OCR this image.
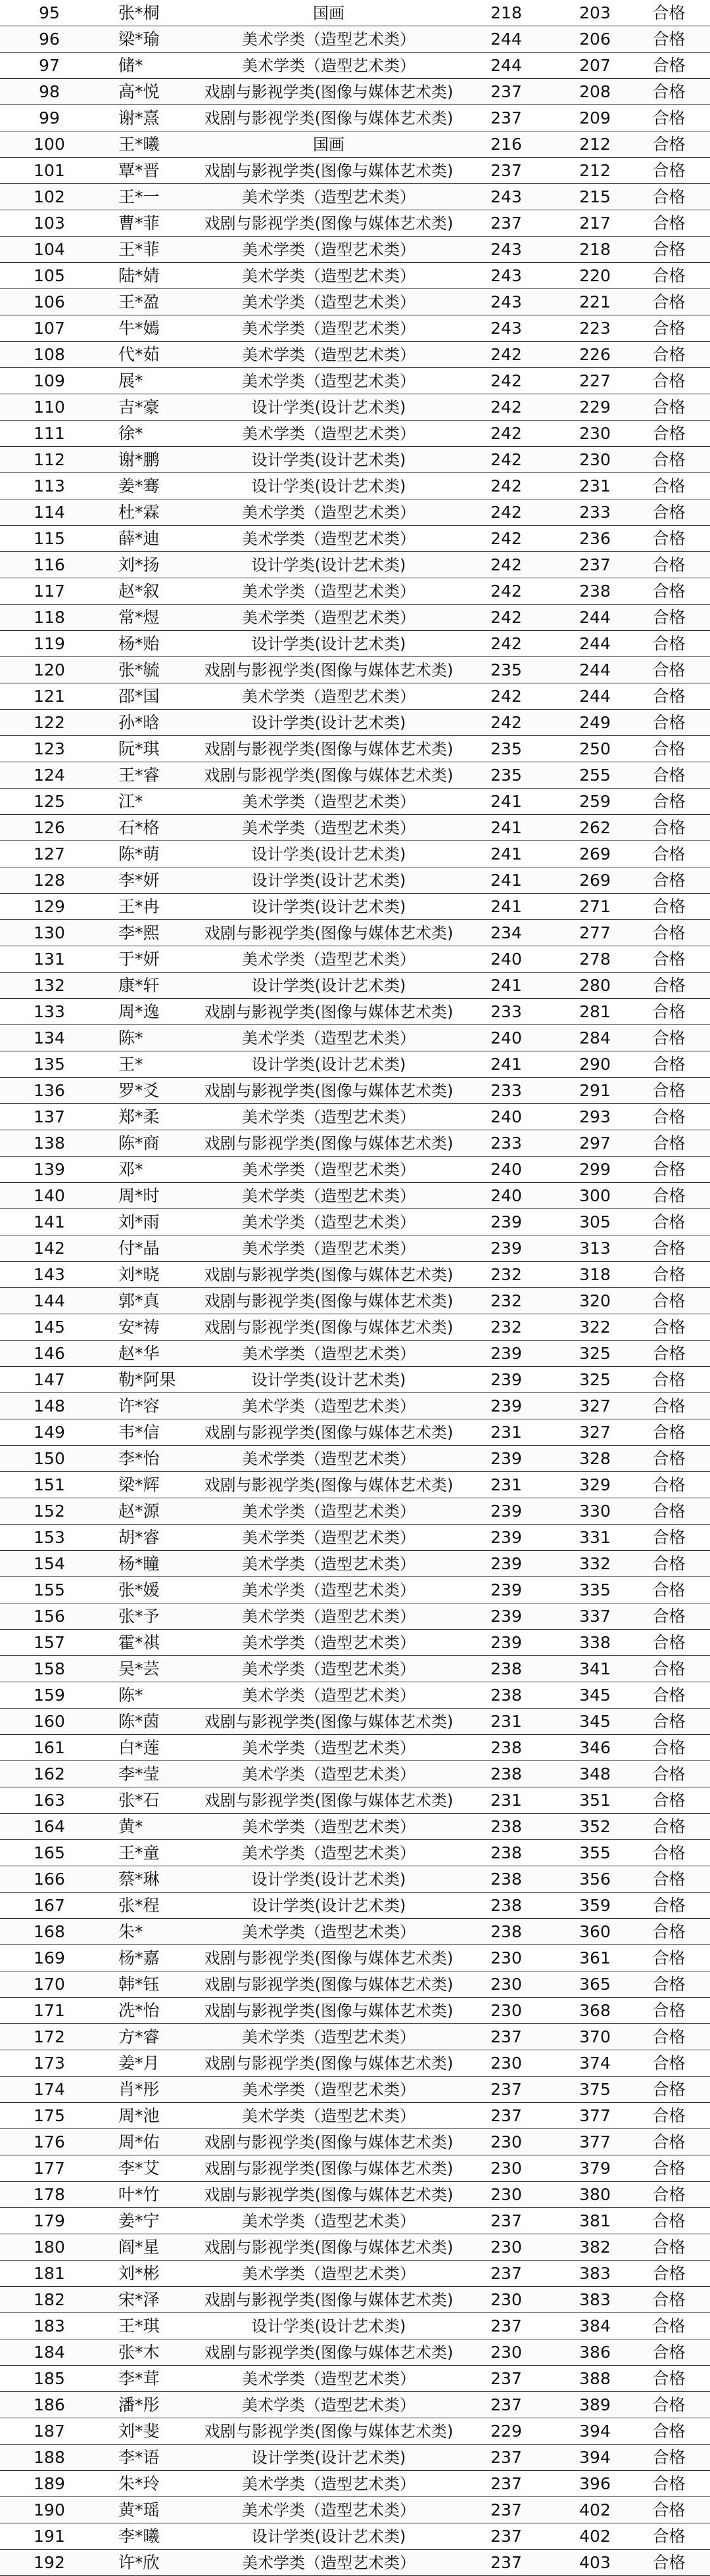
95	张*桐	国画	218	203	合格
96	梁*瑜	美术学类（造型艺术类）	244	206	合格
97	储*	美术学类（造型艺术类）	244	207	合格
98	高*悦	戏剧与影视学类(图像与媒体艺术类)	237	208	合格
99	谢*熹	戏剧与影视学类(图像与媒体艺术类)	237	209	合格
100	王*曦	国画	216	212	合格
101	覃*晋	戏剧与影视学类(图像与媒体艺术类)	237	212	合格
102	王*一	美术学类（造型艺术类）	243	215	合格
103	曹*菲	戏剧与影视学类(图像与媒体艺术类)	237	217	合格
104	王*菲	美术学类（造型艺术类）	243	218	合格
105	陆*婧	美术学类（造型艺术类）	243	220	合格
106	王*盈	美术学类（造型艺术类）	243	221	合格
107	牛*嫣	美术学类（造型艺术类）	243	223	合格
108	代*茹	美术学类（造型艺术类）	242	226	合格
109	展*	美术学类（造型艺术类）	242	227	合格
110	吉*豪	设计学类(设计艺术类)	242	229	合格
111	徐*	美术学类（造型艺术类）	242	230	合格
112	谢*鹏	设计学类(设计艺术类)	242	230	合格
113	姜*骞	设计学类(设计艺术类)	242	231	合格
114	杜*霖	美术学类（造型艺术类）	242	233	合格
115	薛*迪	美术学类（造型艺术类）	242	236	合格
116	刘*扬	设计学类(设计艺术类)	242	237	合格
117	赵*叙	美术学类（造型艺术类）	242	238	合格
118	常*煜	美术学类（造型艺术类）	242	244	合格
119	杨*贻	设计学类(设计艺术类)	242	244	合格
120	张*毓	戏剧与影视学类(图像与媒体艺术类)	235	244	合格
121	邵*国	美术学类（造型艺术类）	242	244	合格
122	孙*晗	设计学类(设计艺术类)	242	249	合格
123	阮*琪	戏剧与影视学类(图像与媒体艺术类)	235	250	合格
124	王*睿	戏剧与影视学类(图像与媒体艺术类)	235	255	合格
125	江*	美术学类（造型艺术类）	241	259	合格
126	石*格	美术学类（造型艺术类）	241	262	合格
127	陈*萌	设计学类(设计艺术类)	241	269	合格
128	李*妍	设计学类(设计艺术类)	241	269	合格
129	王*冉	设计学类(设计艺术类)	241	271	合格
130	李*熙	戏剧与影视学类(图像与媒体艺术类)	234	277	合格
131	于*妍	美术学类（造型艺术类）	240	278	合格
132	康*轩	设计学类(设计艺术类)	241	280	合格
133	周*逸	戏剧与影视学类(图像与媒体艺术类)	233	281	合格
134	陈*	美术学类（造型艺术类）	240	284	合格
135	王*	设计学类(设计艺术类)	241	290	合格
136	罗*爻	戏剧与影视学类(图像与媒体艺术类)	233	291	合格
137	郑*柔	美术学类（造型艺术类）	240	293	合格
138	陈*商	戏剧与影视学类(图像与媒体艺术类)	233	297	合格
139	邓*	美术学类（造型艺术类）	240	299	合格
140	周*时	美术学类（造型艺术类）	240	300	合格
141	刘*雨	美术学类（造型艺术类）	239	305	合格
142	付*晶	美术学类（造型艺术类）	239	313	合格
143	刘*晓	戏剧与影视学类(图像与媒体艺术类)	232	318	合格
144	郭*真	戏剧与影视学类(图像与媒体艺术类)	232	320	合格
145	安*祷	戏剧与影视学类(图像与媒体艺术类)	232	322	合格
146	赵*华	美术学类（造型艺术类）	239	325	合格
147	勒*阿果	设计学类(设计艺术类)	239	325	合格
148	许*容	美术学类（造型艺术类）	239	327	合格
149	韦*信	戏剧与影视学类(图像与媒体艺术类)	231	327	合格
150	李*怡	美术学类（造型艺术类）	239	328	合格
151	梁*辉	戏剧与影视学类(图像与媒体艺术类)	231	329	合格
152	赵*源	美术学类（造型艺术类）	239	330	合格
153	胡*睿	美术学类（造型艺术类）	239	331	合格
154	杨*瞳	美术学类（造型艺术类）	239	332	合格
155	张*媛	美术学类（造型艺术类）	239	335	合格
156	张*予	美术学类（造型艺术类）	239	337	合格
157	霍*祺	美术学类（造型艺术类）	239	338	合格
158	吴*芸	美术学类（造型艺术类）	238	341	合格
159	陈*	美术学类（造型艺术类）	238	345	合格
160	陈*茵	戏剧与影视学类(图像与媒体艺术类)	231	345	合格
161	白*莲	美术学类（造型艺术类）	238	346	合格
162	李*莹	美术学类（造型艺术类）	238	348	合格
163	张*石	戏剧与影视学类(图像与媒体艺术类)	231	351	合格
164	黄*	美术学类（造型艺术类）	238	352	合格
165	王*童	美术学类（造型艺术类）	238	355	合格
166	蔡*琳	设计学类(设计艺术类)	238	356	合格
167	张*程	设计学类(设计艺术类)	238	359	合格
168	朱*	美术学类（造型艺术类）	238	360	合格
169	杨*嘉	戏剧与影视学类(图像与媒体艺术类)	230	361	合格
170	韩*钰	戏剧与影视学类(图像与媒体艺术类)	230	365	合格
171	冼*怡	戏剧与影视学类(图像与媒体艺术类)	230	368	合格
172	方*睿	美术学类（造型艺术类）	237	370	合格
173	姜*月	戏剧与影视学类(图像与媒体艺术类)	230	374	合格
174	肖*彤	美术学类（造型艺术类）	237	375	合格
175	周*池	美术学类（造型艺术类）	237	377	合格
176	周*佑	戏剧与影视学类(图像与媒体艺术类)	230	377	合格
177	李*艾	戏剧与影视学类(图像与媒体艺术类)	230	379	合格
178	叶*竹	戏剧与影视学类(图像与媒体艺术类)	230	380	合格
179	姜*宁	美术学类（造型艺术类）	237	381	合格
180	阎*星	戏剧与影视学类(图像与媒体艺术类)	230	382	合格
181	刘*彬	美术学类（造型艺术类）	237	383	合格
182	宋*泽	戏剧与影视学类(图像与媒体艺术类)	230	383	合格
183	王*琪	设计学类(设计艺术类)	237	384	合格
184	张*木	戏剧与影视学类(图像与媒体艺术类)	230	386	合格
185	李*茸	美术学类（造型艺术类）	237	388	合格
186	潘*彤	美术学类（造型艺术类）	237	389	合格
187	刘*斐	戏剧与影视学类(图像与媒体艺术类)	229	394	合格
188	李*语	设计学类(设计艺术类)	237	394	合格
189	朱*玲	美术学类（造型艺术类）	237	396	合格
190	黄*瑶	美术学类（造型艺术类）	237	402	合格
191	李*曦	设计学类(设计艺术类)	237	402	合格
192	许*欣	美术学类（造型艺术类）	237	403	合格
